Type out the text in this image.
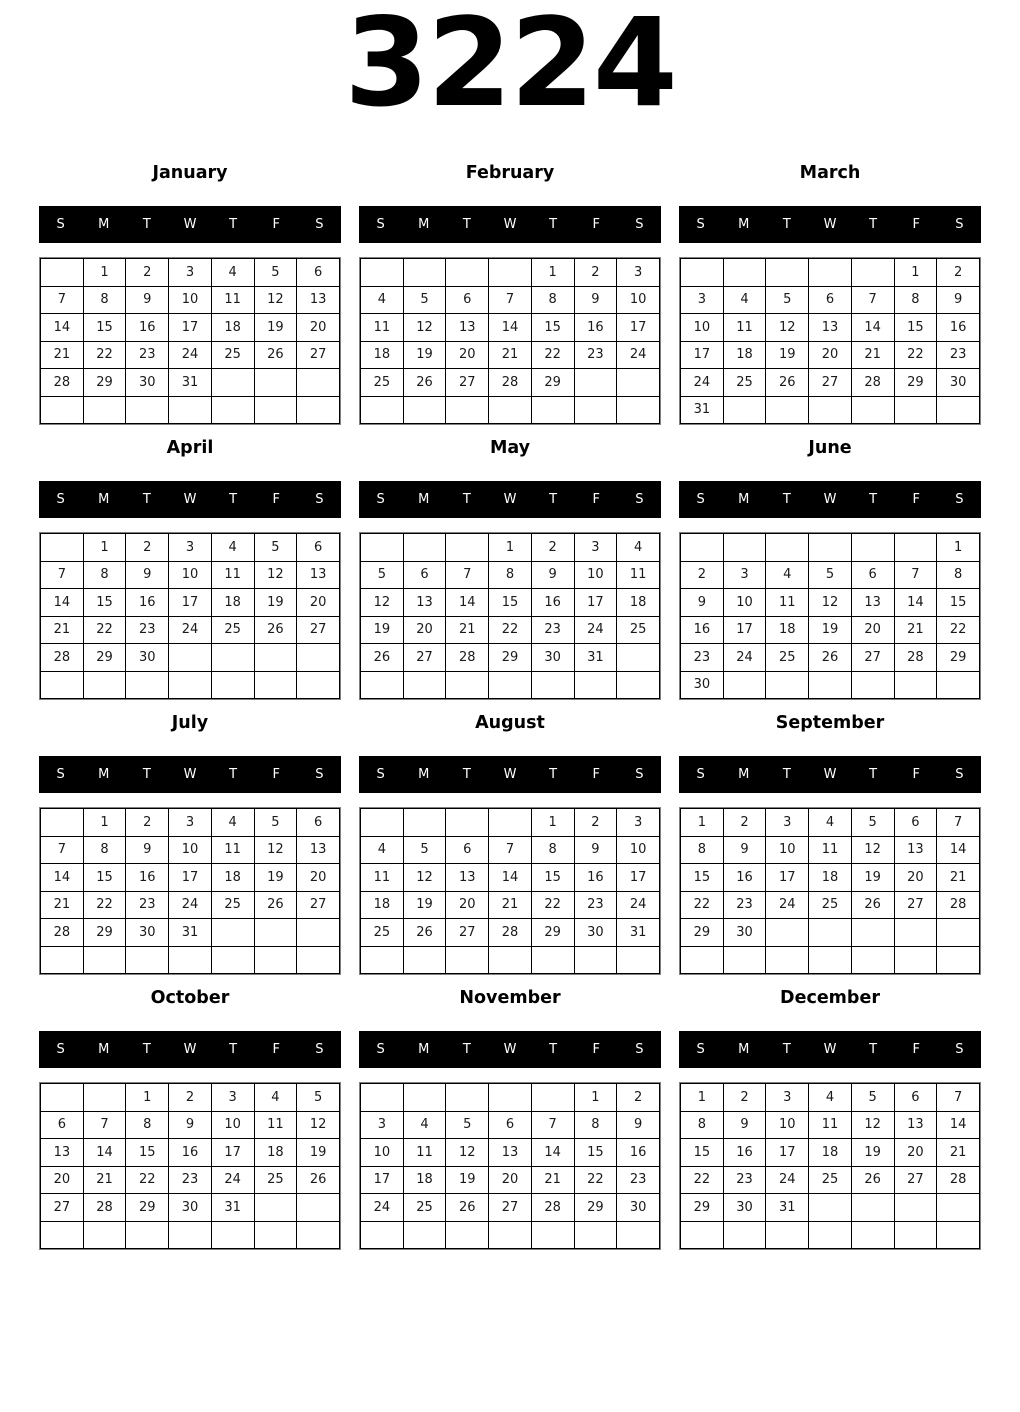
3224
January
S	M	T	W	T	F	S
	1	2	3	4	5	6
7	8	9	10	11	12	13
14	15	16	17	18	19	20
21	22	23	24	25	26	27
28	29	30	31			

February
S	M	T	W	T	F	S
				1	2	3
4	5	6	7	8	9	10
11	12	13	14	15	16	17
18	19	20	21	22	23	24
25	26	27	28	29		

March
S	M	T	W	T	F	S
					1	2
3	4	5	6	7	8	9
10	11	12	13	14	15	16
17	18	19	20	21	22	23
24	25	26	27	28	29	30
31						
April
S	M	T	W	T	F	S
	1	2	3	4	5	6
7	8	9	10	11	12	13
14	15	16	17	18	19	20
21	22	23	24	25	26	27
28	29	30				

May
S	M	T	W	T	F	S
			1	2	3	4
5	6	7	8	9	10	11
12	13	14	15	16	17	18
19	20	21	22	23	24	25
26	27	28	29	30	31	

June
S	M	T	W	T	F	S
						1
2	3	4	5	6	7	8
9	10	11	12	13	14	15
16	17	18	19	20	21	22
23	24	25	26	27	28	29
30						
July
S	M	T	W	T	F	S
	1	2	3	4	5	6
7	8	9	10	11	12	13
14	15	16	17	18	19	20
21	22	23	24	25	26	27
28	29	30	31			

August
S	M	T	W	T	F	S
				1	2	3
4	5	6	7	8	9	10
11	12	13	14	15	16	17
18	19	20	21	22	23	24
25	26	27	28	29	30	31

September
S	M	T	W	T	F	S
1	2	3	4	5	6	7
8	9	10	11	12	13	14
15	16	17	18	19	20	21
22	23	24	25	26	27	28
29	30					

October
S	M	T	W	T	F	S
		1	2	3	4	5
6	7	8	9	10	11	12
13	14	15	16	17	18	19
20	21	22	23	24	25	26
27	28	29	30	31		

November
S	M	T	W	T	F	S
					1	2
3	4	5	6	7	8	9
10	11	12	13	14	15	16
17	18	19	20	21	22	23
24	25	26	27	28	29	30

December
S	M	T	W	T	F	S
1	2	3	4	5	6	7
8	9	10	11	12	13	14
15	16	17	18	19	20	21
22	23	24	25	26	27	28
29	30	31				
